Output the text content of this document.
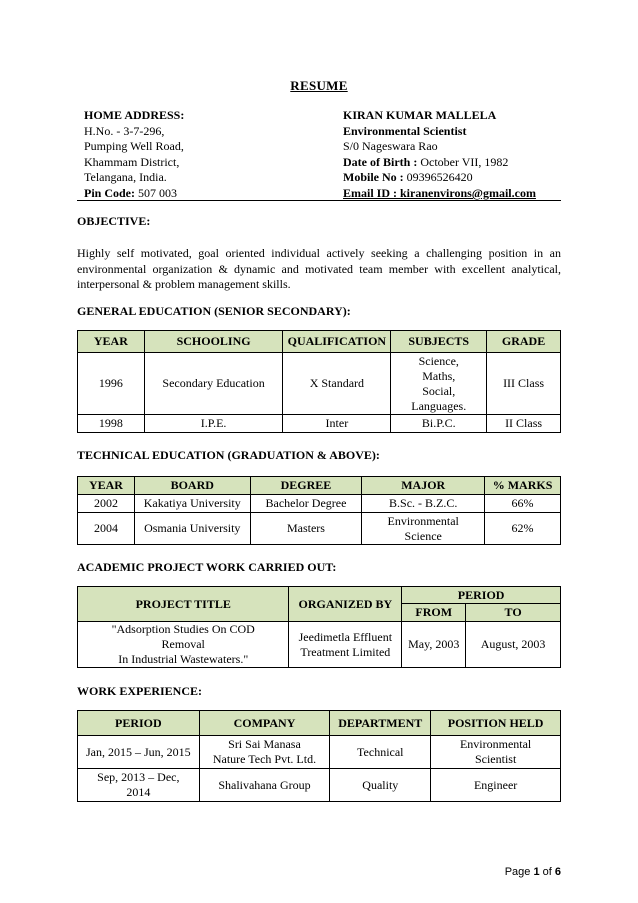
RESUME
HOME ADDRESS:
H.No. - 3-7-296,
Pumping Well Road,
Khammam District,
Telangana, India.
Pin Code: 507 003
KIRAN KUMAR MALLELA
Environmental Scientist
S/0 Nageswara Rao
Date of Birth : October VII, 1982
Mobile No : 09396526420
Email ID : kiranenvirons@gmail.com
OBJECTIVE:
Highly self motivated, goal oriented individual actively seeking a challenging position in an environmental organization & dynamic and motivated team member with excellent analytical, interpersonal & problem management skills.
GENERAL EDUCATION (SENIOR SECONDARY):
YEAR	SCHOOLING	QUALIFICATION	SUBJECTS	GRADE
1996	Secondary Education	X Standard	Science,
Maths,
Social,
Languages.	III Class
1998	I.P.E.	Inter	Bi.P.C.	II Class
TECHNICAL EDUCATION (GRADUATION & ABOVE):
YEAR	BOARD	DEGREE	MAJOR	% MARKS
2002	Kakatiya University	Bachelor Degree	B.Sc. - B.Z.C.	66%
2004	Osmania University	Masters	Environmental
Science	62%
ACADEMIC PROJECT WORK CARRIED OUT:
PROJECT TITLE	ORGANIZED BY	PERIOD	
		FROM	TO
"Adsorption Studies On COD
Removal
In Industrial Wastewaters."	Jeedimetla Effluent
Treatment Limited	May, 2003	August, 2003
WORK EXPERIENCE:
PERIOD	COMPANY	DEPARTMENT	POSITION HELD
Jan, 2015 – Jun, 2015	Sri Sai Manasa
Nature Tech Pvt. Ltd.	Technical	Environmental
Scientist
Sep, 2013 – Dec,
2014	Shalivahana Group	Quality	Engineer
Page 1 of 6
